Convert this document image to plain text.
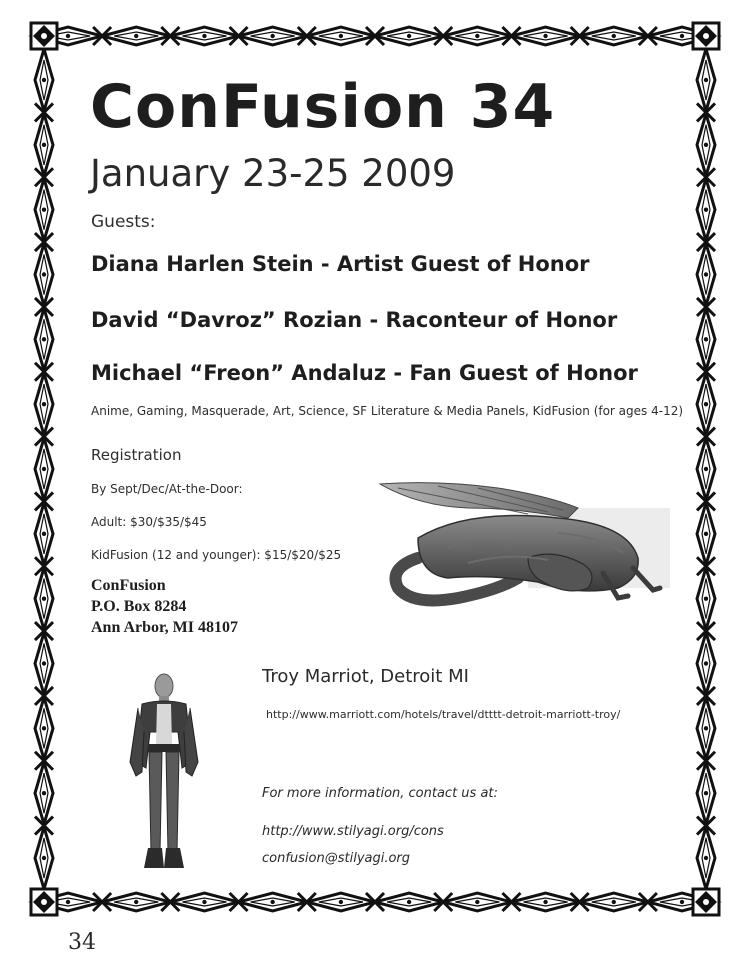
ConFusion 34
January 23-25 2009
Guests:
Diana Harlen Stein - Artist Guest of Honor
David “Davroz” Rozian - Raconteur of Honor
Michael “Freon” Andaluz - Fan Guest of Honor
Anime, Gaming, Masquerade, Art, Science, SF Literature & Media Panels, KidFusion (for ages 4-12)
Registration
By Sept/Dec/At-the-Door:
Adult: $30/$35/$45
KidFusion (12 and younger): $15/$20/$25
ConFusion
P.O. Box 8284
Ann Arbor, MI 48107
Troy Marriot, Detroit MI
http://www.marriott.com/hotels/travel/dtttt-detroit-marriott-troy/
For more information, contact us at:
http://www.stilyagi.org/cons
confusion@stilyagi.org
34
